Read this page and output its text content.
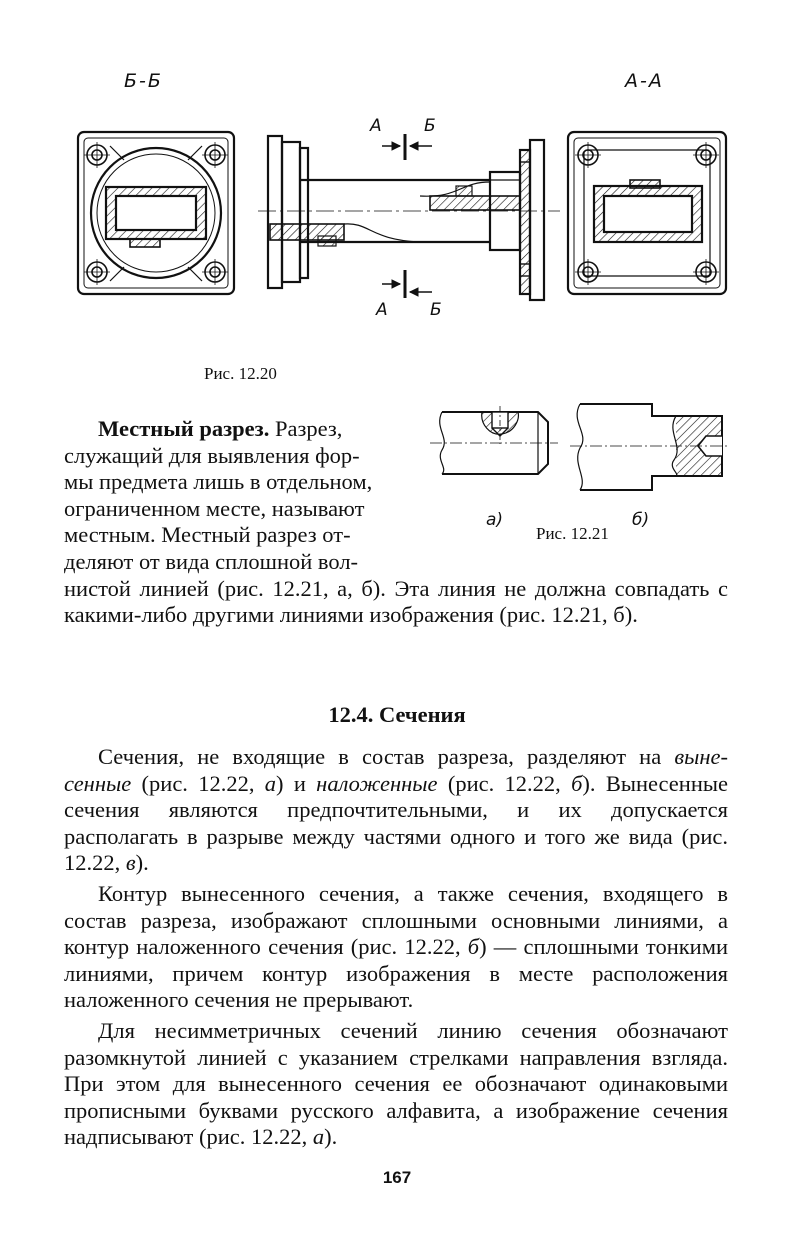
Б-Б	А-А
А Б
А Б
Рис. 12.20
а)	б)
Рис. 12.21
Местный разрез. Разрез,
служащий для выявления фор-
мы предмета лишь в отдельном,
ограниченном месте, называют
местным. Местный разрез от-
деляют от вида сплошной вол-
нистой линией (рис. 12.21, а, б). Эта линия не должна совпадать с какими-либо другими линиями изображения (рис. 12.21, б).
12.4. Сечения

Сечения, не входящие в состав разреза, разделяют на выне-сенные (рис. 12.22, а) и наложенные (рис. 12.22, б). Вынесенные сечения являются предпочтительными, и их допускается располагать в разрыве между частями одного и того же вида (рис. 12.22, в).

Контур вынесенного сечения, а также сечения, входящего в состав разреза, изображают сплошными основными линиями, а контур наложенного сечения (рис. 12.22, б) — сплошными тонкими линиями, причем контур изображения в месте расположения наложенного сечения не прерывают.

Для несимметричных сечений линию сечения обозначают разомкнутой линией с указанием стрелками направления взгляда. При этом для вынесенного сечения ее обозначают одинаковыми прописными буквами русского алфавита, а изображение сечения надписывают (рис. 12.22, а).

167
